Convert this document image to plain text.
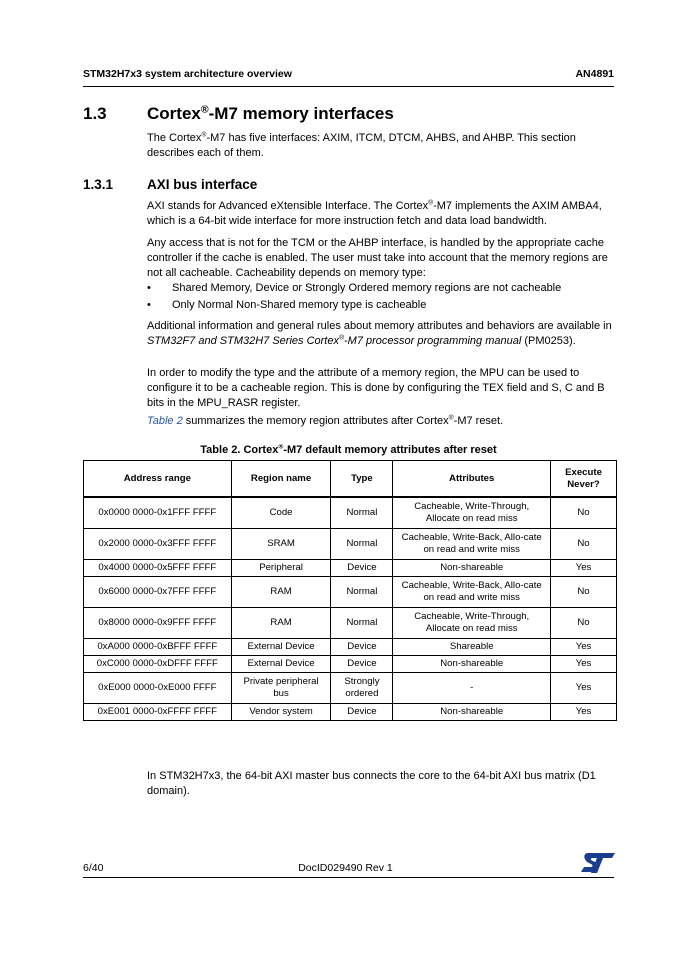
STM32H7x3 system architecture overview	AN4891
1.3 Cortex®-M7 memory interfaces

The Cortex®-M7 has five interfaces: AXIM, ITCM, DTCM, AHBS, and AHBP. This section describes each of them.

1.3.1	AXI bus interface

AXI stands for Advanced eXtensible Interface. The Cortex®-M7 implements the AXIM AMBA4, which is a 64-bit wide interface for more instruction fetch and data load bandwidth.

Any access that is not for the TCM or the AHBP interface, is handled by the appropriate cache controller if the cache is enabled. The user must take into account that the memory regions are not all cacheable. Cacheability depends on memory type:

• Shared Memory, Device or Strongly Ordered memory regions are not cacheable
• Only Normal Non-Shared memory type is cacheable

Additional information and general rules about memory attributes and behaviors are available in STM32F7 and STM32H7 Series Cortex®-M7 processor programming manual (PM0253).

In order to modify the type and the attribute of a memory region, the MPU can be used to configure it to be a cacheable region. This is done by configuring the TEX field and S, C and B bits in the MPU_RASR register.

Table 2 summarizes the memory region attributes after Cortex®-M7 reset.

Table 2. Cortex®-M7 default memory attributes after reset
Address range	Region name	Type	Attributes	Execute Never?
0x0000 0000-0x1FFF FFFF	Code	Normal	Cacheable, Write-Through, Allocate on read miss	No
0x2000 0000-0x3FFF FFFF	SRAM	Normal	Cacheable, Write-Back, Allo-cate on read and write miss	No
0x4000 0000-0x5FFF FFFF	Peripheral	Device	Non-shareable	Yes
0x6000 0000-0x7FFF FFFF	RAM	Normal	Cacheable, Write-Back, Allo-cate on read and write miss	No
0x8000 0000-0x9FFF FFFF	RAM	Normal	Cacheable, Write-Through, Allocate on read miss	No
0xA000 0000-0xBFFF FFFF	External Device	Device	Shareable	Yes
0xC000 0000-0xDFFF FFFF	External Device	Device	Non-shareable	Yes
0xE000 0000-0xE000 FFFF	Private peripheral bus	Strongly ordered	-	Yes
0xE001 0000-0xFFFF FFFF	Vendor system	Device	Non-shareable	Yes

In STM32H7x3, the 64-bit AXI master bus connects the core to the 64-bit AXI bus matrix (D1 domain).

DocID029490 Rev 1
6/40
